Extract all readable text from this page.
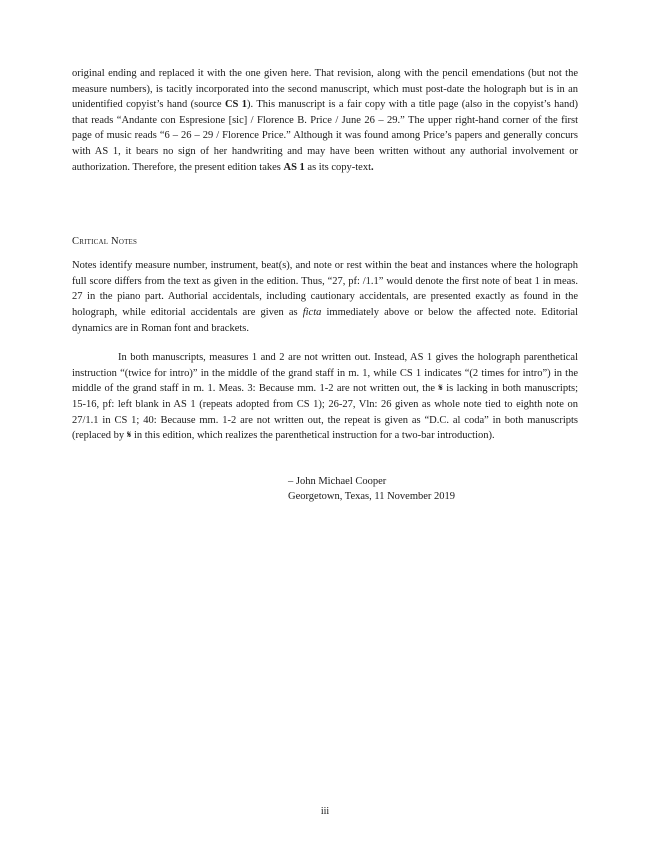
original ending and replaced it with the one given here. That revision, along with the pencil emendations (but not the measure numbers), is tacitly incorporated into the second manuscript, which must post-date the holograph but is in an unidentified copyist’s hand (source CS 1). This manuscript is a fair copy with a title page (also in the copyist’s hand) that reads “Andante con Espresione [sic] / Florence B. Price / June 26 – 29.” The upper right-hand corner of the first page of music reads “6 – 26 – 29 / Florence Price.” Although it was found among Price’s papers and generally concurs with AS 1, it bears no sign of her handwriting and may have been written without any authorial involvement or authorization. Therefore, the present edition takes AS 1 as its copy-text.

Critical Notes

Notes identify measure number, instrument, beat(s), and note or rest within the beat and instances where the holograph full score differs from the text as given in the edition. Thus, “27, pf: /1.1” would denote the first note of beat 1 in meas. 27 in the piano part. Authorial accidentals, including cautionary accidentals, are presented exactly as found in the holograph, while editorial accidentals are given as ficta immediately above or below the affected note. Editorial dynamics are in Roman font and brackets.

In both manuscripts, measures 1 and 2 are not written out. Instead, AS 1 gives the holograph parenthetical instruction “(twice for intro)” in the middle of the grand staff in m. 1, while CS 1 indicates “(2 times for intro”) in the middle of the grand staff in m. 1. Meas. 3: Because mm. 1-2 are not written out, the 𝄋 is lacking in both manuscripts; 15-16, pf: left blank in AS 1 (repeats adopted from CS 1); 26-27, Vln: 26 given as whole note tied to eighth note on 27/1.1 in CS 1; 40: Because mm. 1-2 are not written out, the repeat is given as “D.C. al coda” in both manuscripts (replaced by 𝄋 in this edition, which realizes the parenthetical instruction for a two-bar introduction).

– John Michael Cooper
Georgetown, Texas, 11 November 2019
iii
